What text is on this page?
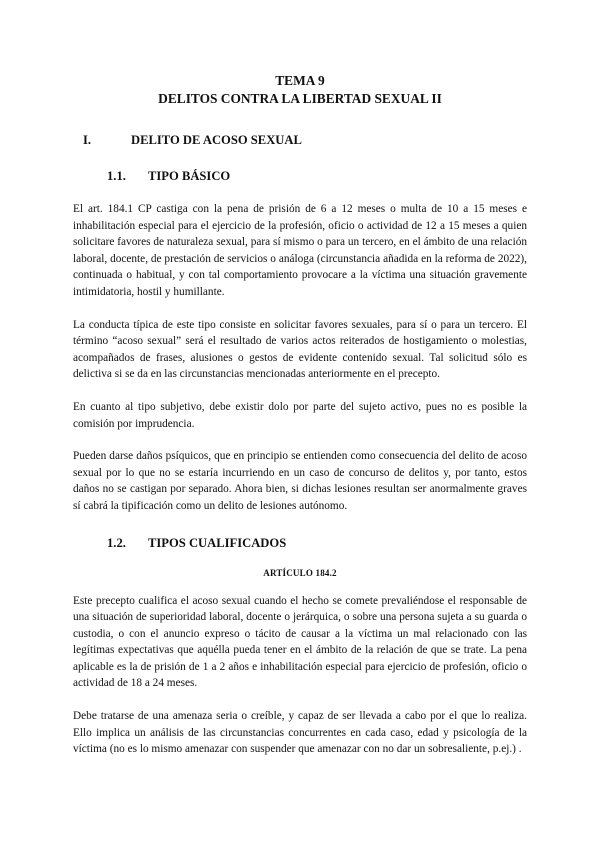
TEMA 9

DELITOS CONTRA LA LIBERTAD SEXUAL II

I.	DELITO DE ACOSO SEXUAL
1.1.	TIPO BÁSICO

El art. 184.1 CP castiga con la pena de prisión de 6 a 12 meses o multa de 10 a 15 meses e inhabilitación especial para el ejercicio de la profesión, oficio o actividad de 12 a 15 meses a quien solicitare favores de naturaleza sexual, para sí mismo o para un tercero, en el ámbito de una relación laboral, docente, de prestación de servicios o análoga (circunstancia añadida en la reforma de 2022), continuada o habitual, y con tal comportamiento provocare a la víctima una situación gravemente intimidatoria, hostil y humillante.

La conducta típica de este tipo consiste en solicitar favores sexuales, para sí o para un tercero. El término “acoso sexual” será el resultado de varios actos reiterados de hostigamiento o molestias, acompañados de frases, alusiones o gestos de evidente contenido sexual. Tal solicitud sólo es delictiva si se da en las circunstancias mencionadas anteriormente en el precepto.

En cuanto al tipo subjetivo, debe existir dolo por parte del sujeto activo, pues no es posible la comisión por imprudencia.

Pueden darse daños psíquicos, que en principio se entienden como consecuencia del delito de acoso sexual por lo que no se estaría incurriendo en un caso de concurso de delitos y, por tanto, estos daños no se castigan por separado. Ahora bien, si dichas lesiones resultan ser anormalmente graves sí cabrá la tipificación como un delito de lesiones autónomo.

1.2.	TIPOS CUALIFICADOS

ARTÍCULO 184.2

Este precepto cualifica el acoso sexual cuando el hecho se comete prevaliéndose el responsable de una situación de superioridad laboral, docente o jerárquica, o sobre una persona sujeta a su guarda o custodia, o con el anuncio expreso o tácito de causar a la víctima un mal relacionado con las legítimas expectativas que aquélla pueda tener en el ámbito de la relación de que se trate. La pena aplicable es la de prisión de 1 a 2 años e inhabilitación especial para ejercicio de profesión, oficio o actividad de 18 a 24 meses.

Debe tratarse de una amenaza seria o creíble, y capaz de ser llevada a cabo por el que lo realiza. Ello implica un análisis de las circunstancias concurrentes en cada caso, edad y psicología de la víctima (no es lo mismo amenazar con suspender que amenazar con no dar un sobresaliente, p.ej.) .
